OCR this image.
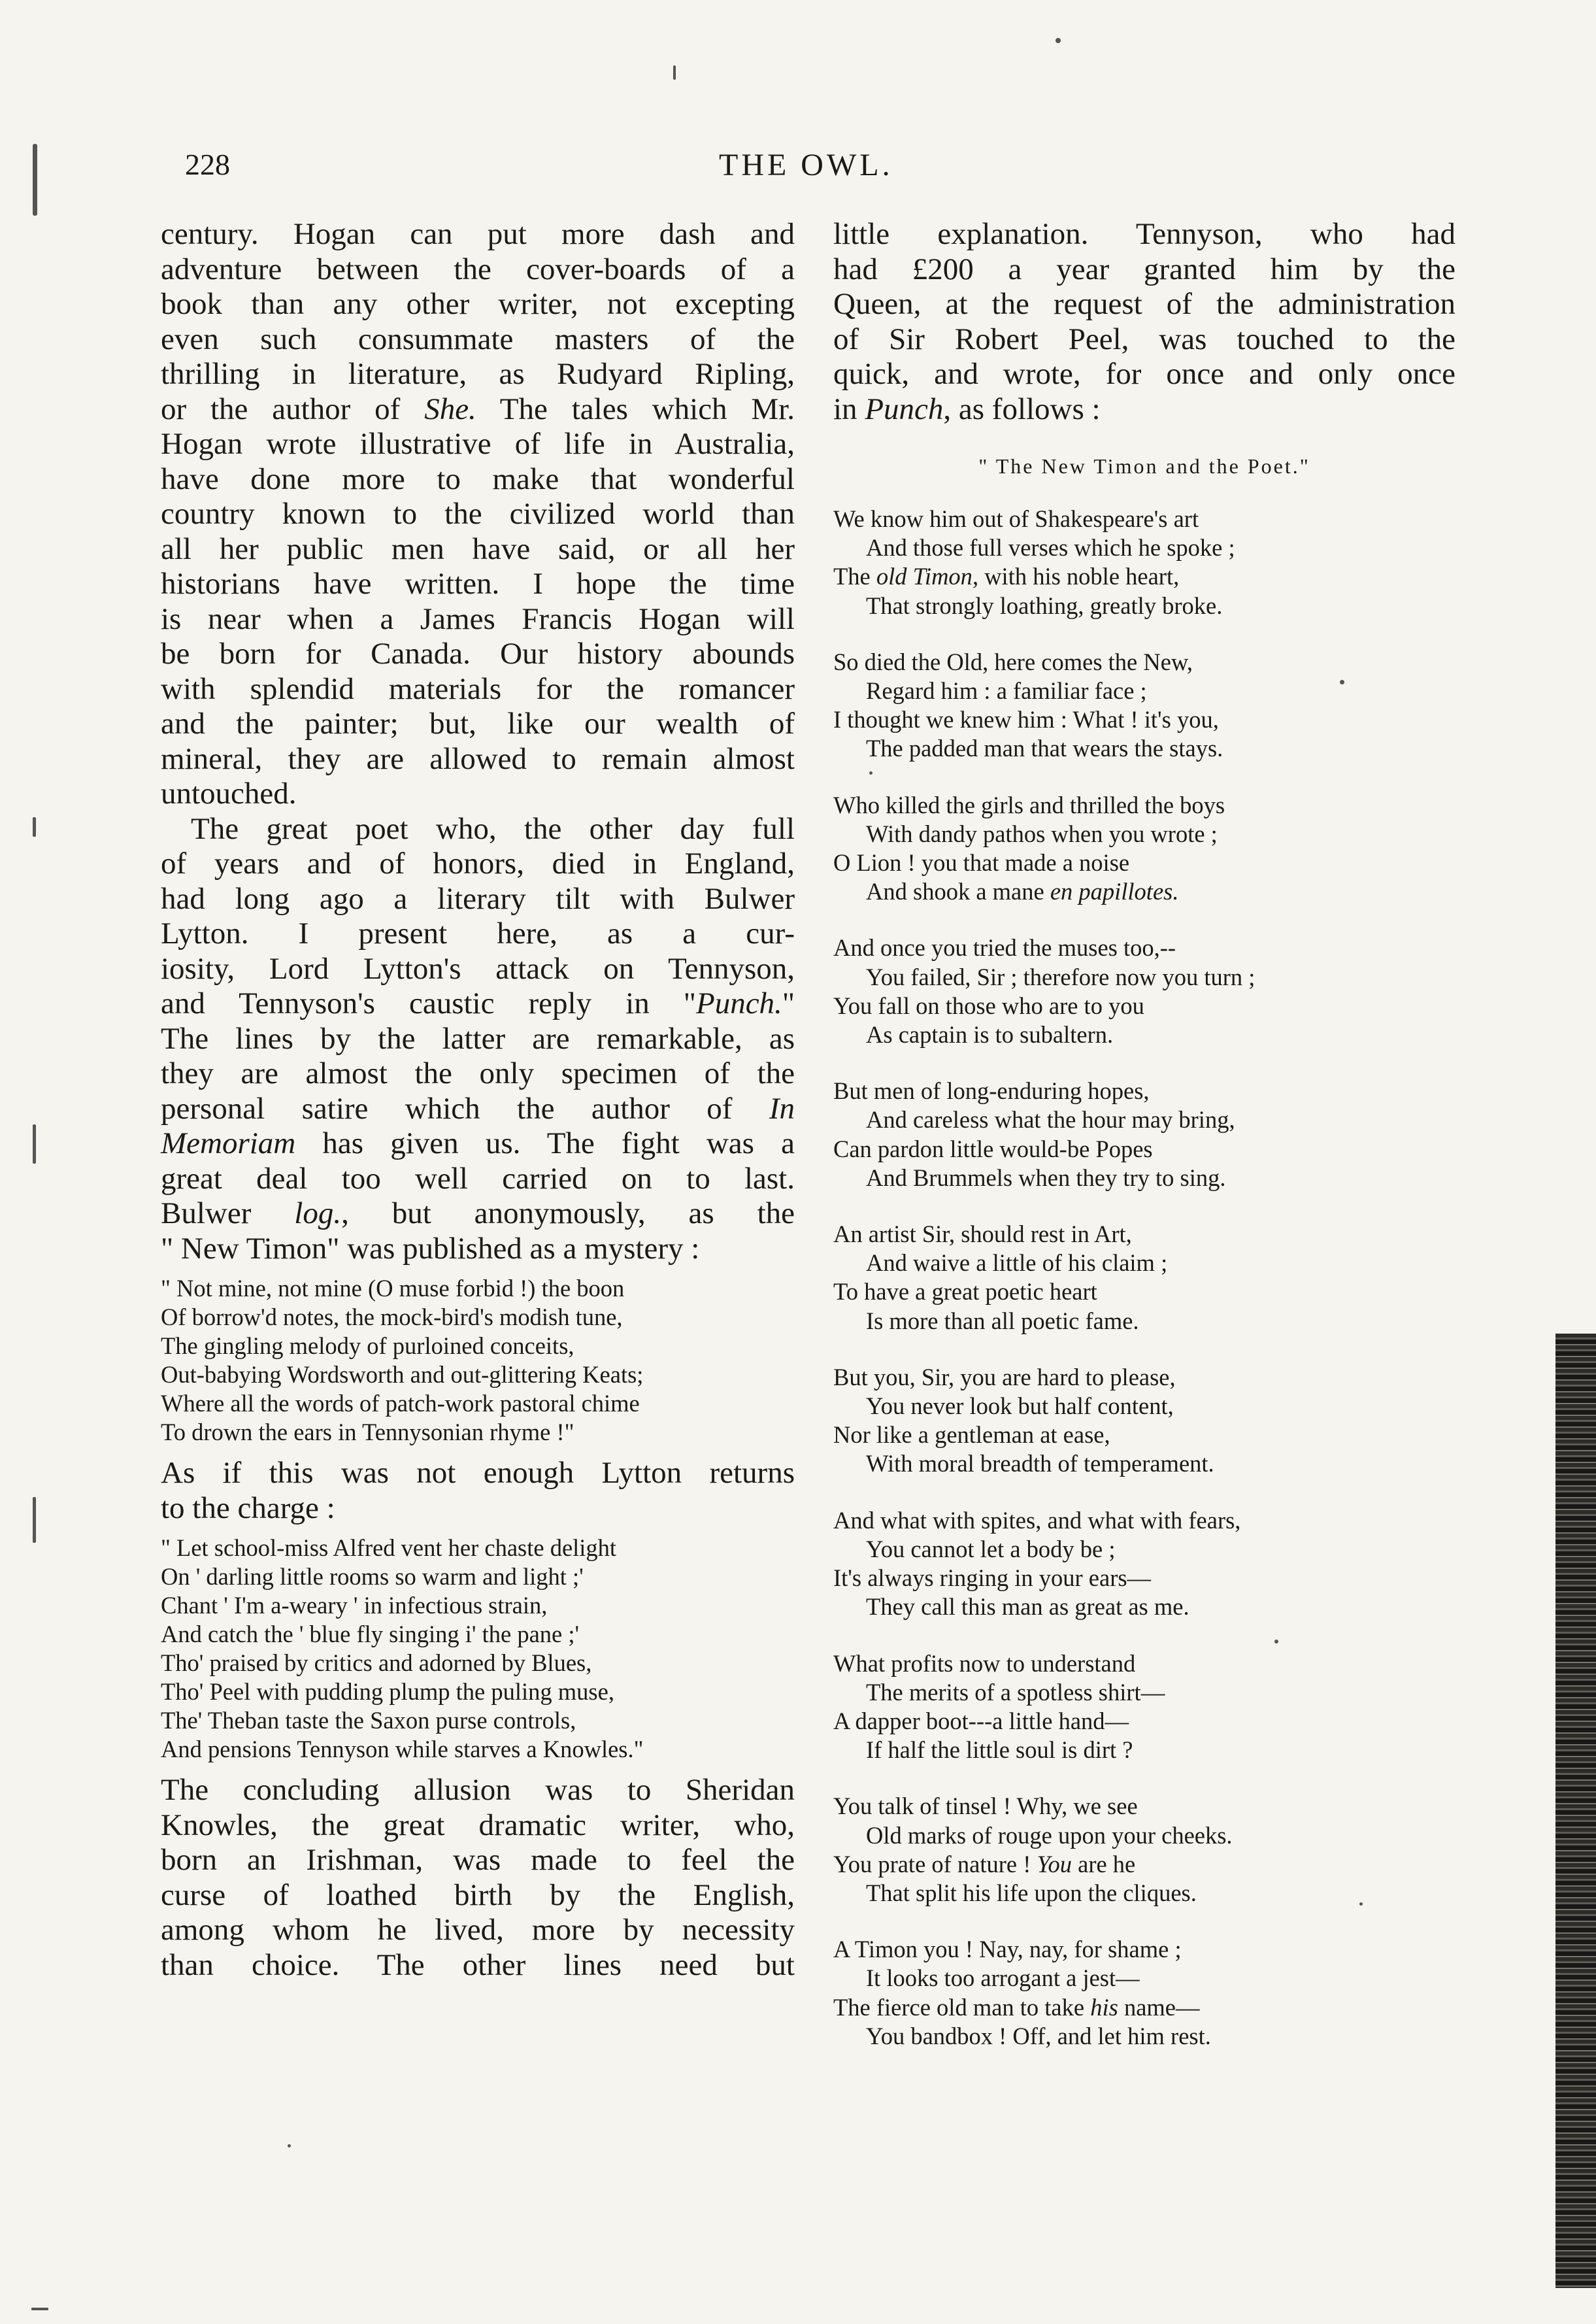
228	THE OWL.
century. Hogan can put more dash and
adventure between the cover-boards of a
book than any other writer, not excepting
even such consummate masters of the
thrilling in literature, as Rudyard Ripling,
or the author of She. The tales which Mr.
Hogan wrote illustrative of life in Australia,
have done more to make that wonderful
country known to the civilized world than
all her public men have said, or all her
historians have written. I hope the time
is near when a James Francis Hogan will
be born for Canada. Our history abounds
with splendid materials for the romancer
and the painter; but, like our wealth of
mineral, they are allowed to remain almost
untouched.
The great poet who, the other day full
of years and of honors, died in England,
had long ago a literary tilt with Bulwer
Lytton. I present here, as a cur-
iosity, Lord Lytton's attack on Tennyson,
and Tennyson's caustic reply in "Punch."
The lines by the latter are remarkable, as
they are almost the only specimen of the
personal satire which the author of In
Memoriam has given us. The fight was a
great deal too well carried on to last.
Bulwer log., but anonymously, as the
" New Timon" was published as a mystery :
" Not mine, not mine (O muse forbid !) the boon
Of borrow'd notes, the mock-bird's modish tune,
The gingling melody of purloined conceits,
Out-babying Wordsworth and out-glittering Keats;
Where all the words of patch-work pastoral chime
To drown the ears in Tennysonian rhyme !"
As if this was not enough Lytton returns
to the charge :
" Let school-miss Alfred vent her chaste delight
On ' darling little rooms so warm and light ;'
Chant ' I'm a-weary ' in infectious strain,
And catch the ' blue fly singing i' the pane ;'
Tho' praised by critics and adorned by Blues,
Tho' Peel with pudding plump the puling muse,
The' Theban taste the Saxon purse controls,
And pensions Tennyson while starves a Knowles."
The concluding allusion was to Sheridan
Knowles, the great dramatic writer, who,
born an Irishman, was made to feel the
curse of loathed birth by the English,
among whom he lived, more by necessity
than choice. The other lines need but
little explanation. Tennyson, who had
had £200 a year granted him by the
Queen, at the request of the administration
of Sir Robert Peel, was touched to the
quick, and wrote, for once and only once
in Punch, as follows :
" The New Timon and the Poet."
We know him out of Shakespeare's art
And those full verses which he spoke ;
The old Timon, with his noble heart,
That strongly loathing, greatly broke.
So died the Old, here comes the New,
Regard him : a familiar face ;
I thought we knew him : What ! it's you,
The padded man that wears the stays.
Who killed the girls and thrilled the boys
With dandy pathos when you wrote ;
O Lion ! you that made a noise
And shook a mane en papillotes.
And once you tried the muses too,--
You failed, Sir ; therefore now you turn ;
You fall on those who are to you
As captain is to subaltern.
But men of long-enduring hopes,
And careless what the hour may bring,
Can pardon little would-be Popes
And Brummels when they try to sing.
An artist Sir, should rest in Art,
And waive a little of his claim ;
To have a great poetic heart
Is more than all poetic fame.
But you, Sir, you are hard to please,
You never look but half content,
Nor like a gentleman at ease,
With moral breadth of temperament.
And what with spites, and what with fears,
You cannot let a body be ;
It's always ringing in your ears—
They call this man as great as me.
What profits now to understand
The merits of a spotless shirt—
A dapper boot---a little hand—
If half the little soul is dirt ?
You talk of tinsel ! Why, we see
Old marks of rouge upon your cheeks.
You prate of nature ! You are he
That split his life upon the cliques.
A Timon you ! Nay, nay, for shame ;
It looks too arrogant a jest—
The fierce old man to take his name—
You bandbox ! Off, and let him rest.
